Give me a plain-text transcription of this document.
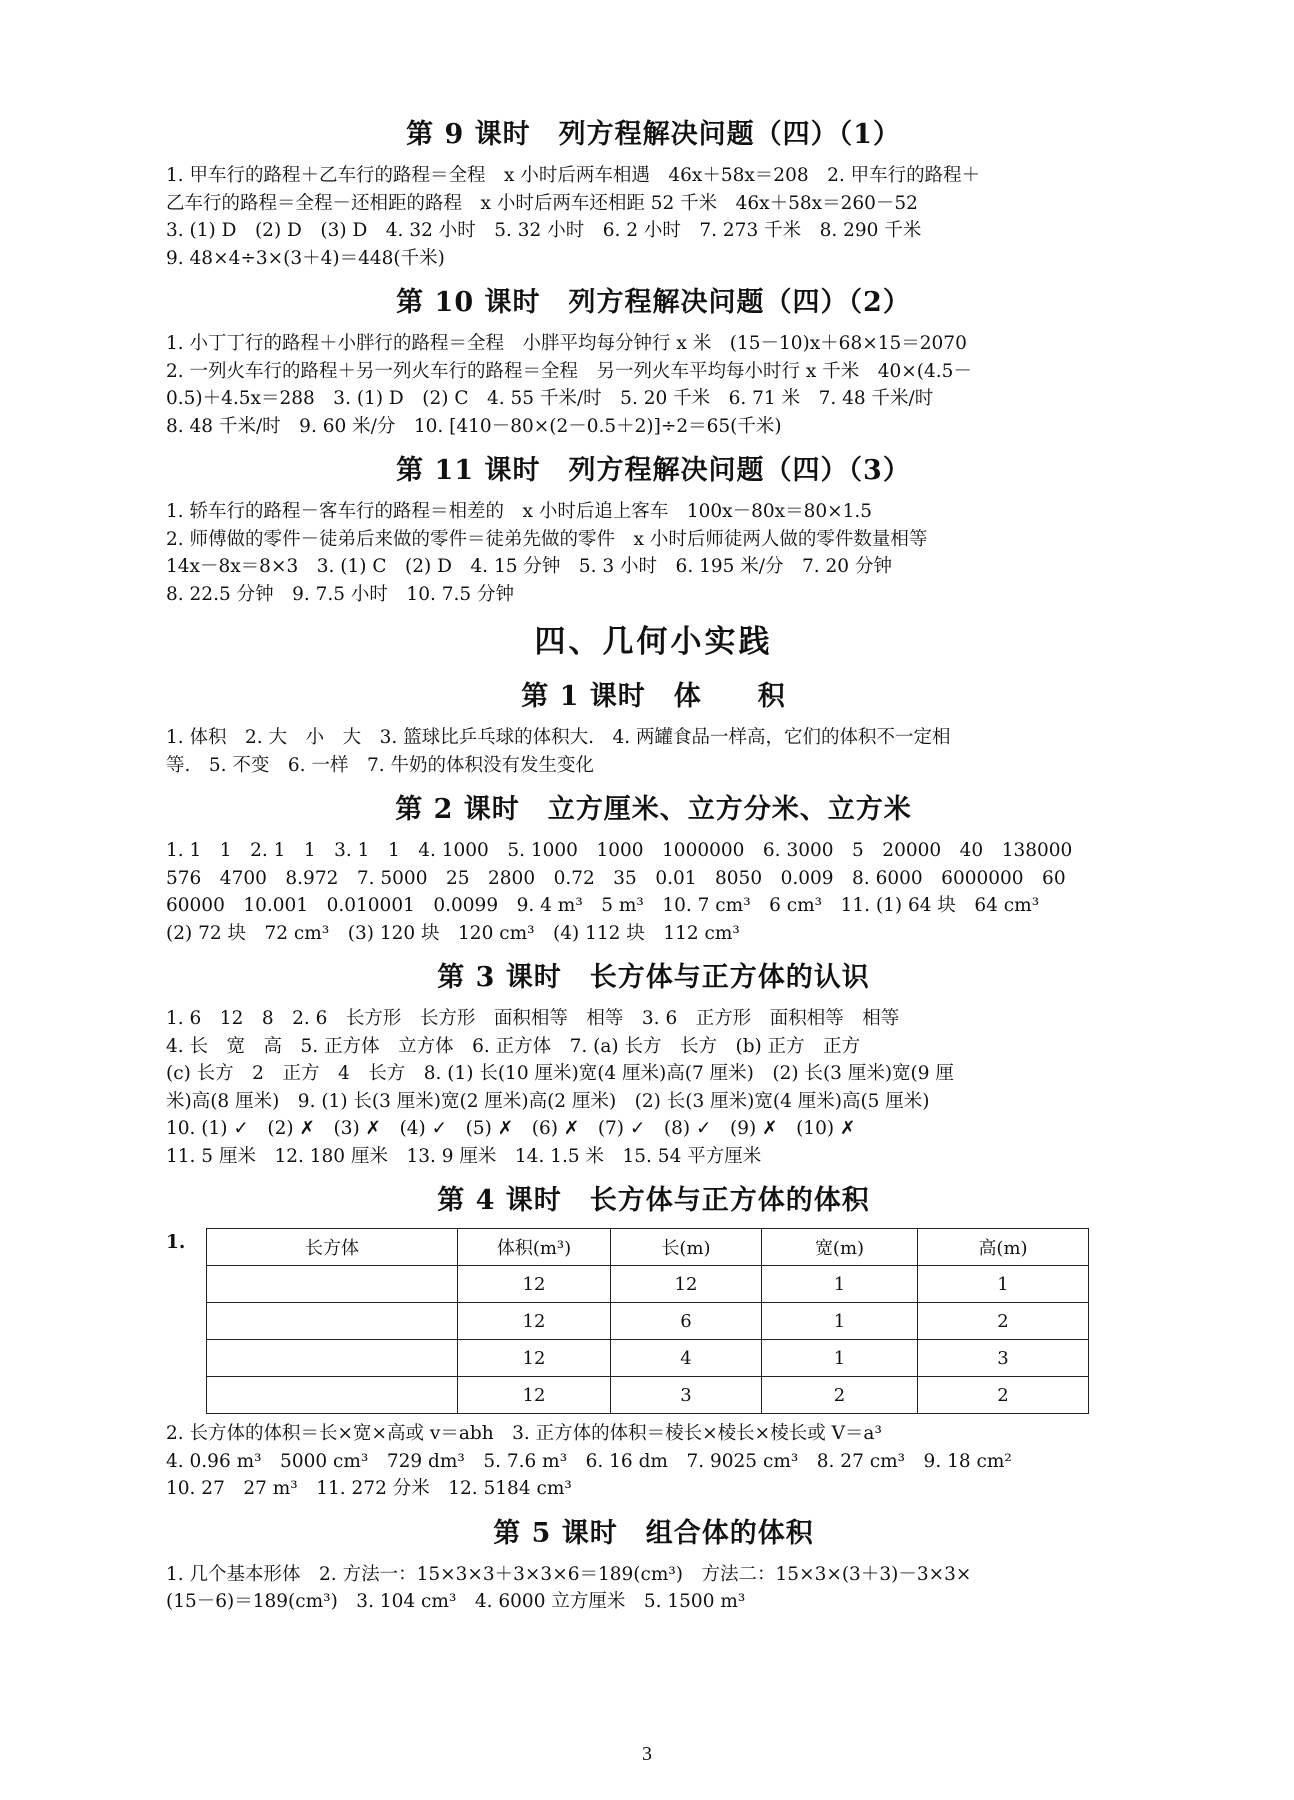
第 9 课时　列方程解决问题（四）（1）
1. 甲车行的路程＋乙车行的路程＝全程　x 小时后两车相遇　46x＋58x＝208　2. 甲车行的路程＋
乙车行的路程＝全程－还相距的路程　x 小时后两车还相距 52 千米　46x＋58x＝260－52
3. (1) D　(2) D　(3) D　4. 32 小时　5. 32 小时　6. 2 小时　7. 273 千米　8. 290 千米
9. 48×4÷3×(3＋4)＝448(千米)
第 10 课时　列方程解决问题（四）（2）
1. 小丁丁行的路程＋小胖行的路程＝全程　小胖平均每分钟行 x 米　(15－10)x＋68×15＝2070
2. 一列火车行的路程＋另一列火车行的路程＝全程　另一列火车平均每小时行 x 千米　40×(4.5－
0.5)＋4.5x＝288　3. (1) D　(2) C　4. 55 千米/时　5. 20 千米　6. 71 米　7. 48 千米/时
8. 48 千米/时　9. 60 米/分　10. [410－80×(2－0.5＋2)]÷2＝65(千米)
第 11 课时　列方程解决问题（四）（3）
1. 轿车行的路程－客车行的路程＝相差的　x 小时后追上客车　100x－80x＝80×1.5
2. 师傅做的零件－徒弟后来做的零件＝徒弟先做的零件　x 小时后师徒两人做的零件数量相等
14x－8x＝8×3　3. (1) C　(2) D　4. 15 分钟　5. 3 小时　6. 195 米/分　7. 20 分钟
8. 22.5 分钟　9. 7.5 小时　10. 7.5 分钟
四、几何小实践
第 1 课时　体　　积
1. 体积　2. 大　小　大　3. 篮球比乒乓球的体积大.　4. 两罐食品一样高，它们的体积不一定相
等.　5. 不变　6. 一样　7. 牛奶的体积没有发生变化
第 2 课时　立方厘米、立方分米、立方米
1. 1　1　2. 1　1　3. 1　1　4. 1000　5. 1000　1000　1000000　6. 3000　5　20000　40　138000
576　4700　8.972　7. 5000　25　2800　0.72　35　0.01　8050　0.009　8. 6000　6000000　60
60000　10.001　0.010001　0.0099　9. 4 m³　5 m³　10. 7 cm³　6 cm³　11. (1) 64 块　64 cm³
(2) 72 块　72 cm³　(3) 120 块　120 cm³　(4) 112 块　112 cm³
第 3 课时　长方体与正方体的认识
1. 6　12　8　2. 6　长方形　长方形　面积相等　相等　3. 6　正方形　面积相等　相等
4. 长　宽　高　5. 正方体　立方体　6. 正方体　7. (a) 长方　长方　(b) 正方　正方
(c) 长方　2　正方　4　长方　8. (1) 长(10 厘米)宽(4 厘米)高(7 厘米)　(2) 长(3 厘米)宽(9 厘
米)高(8 厘米)　9. (1) 长(3 厘米)宽(2 厘米)高(2 厘米)　(2) 长(3 厘米)宽(4 厘米)高(5 厘米)
10. (1) ✓　(2) ✗　(3) ✗　(4) ✓　(5) ✗　(6) ✗　(7) ✓　(8) ✓　(9) ✗　(10) ✗
11. 5 厘米　12. 180 厘米　13. 9 厘米　14. 1.5 米　15. 54 平方厘米
第 4 课时　长方体与正方体的体积
1.	长方体	体积(m³)	长(m)	宽(m)	高(m)
	12	12	1	1
	12	6	1	2
	12	4	1	3
	12	3	2	2
2. 长方体的体积＝长×宽×高或 v＝abh　3. 正方体的体积＝棱长×棱长×棱长或 V＝a³
4. 0.96 m³　5000 cm³　729 dm³　5. 7.6 m³　6. 16 dm　7. 9025 cm³　8. 27 cm³　9. 18 cm²
10. 27　27 m³　11. 272 分米　12. 5184 cm³
第 5 课时　组合体的体积
1. 几个基本形体　2. 方法一：15×3×3＋3×3×6＝189(cm³)　方法二：15×3×(3＋3)－3×3×
(15－6)＝189(cm³)　3. 104 cm³　4. 6000 立方厘米　5. 1500 m³
3
